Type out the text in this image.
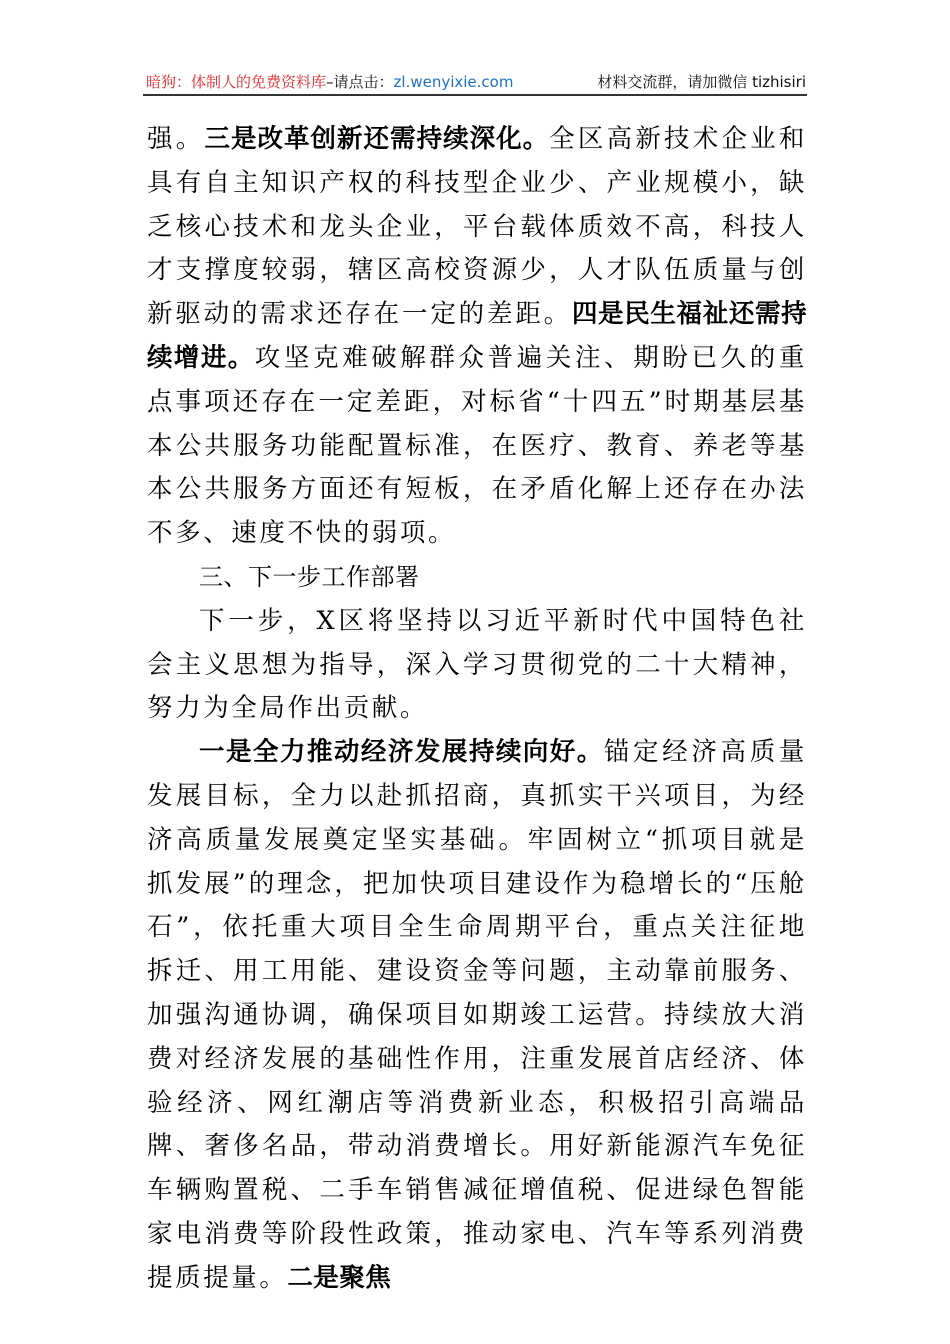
暗狗：体制人的免费资料库 –请点击： zl.wenyixie.com	材料交流群，请加微信 tizhisiri

强。三是改革创新还需持续深化。全区高新技术企业和具有自主知识产权的科技型企业少、产业规模小，缺乏核心技术和龙头企业，平台载体质效不高，科技人才支撑度较弱，辖区高校资源少，人才队伍质量与创新驱动的需求还存在一定的差距。四是民生福祉还需持续增进。攻坚克难破解群众普遍关注、期盼已久的重点事项还存在一定差距，对标省“十四五”时期基层基本公共服务功能配置标准，在医疗、教育、养老等基本公共服务方面还有短板，在矛盾化解上还存在办法不多、速度不快的弱项。

三、下一步工作部署

下一步，X区将坚持以习近平新时代中国特色社会主义思想为指导，深入学习贯彻党的二十大精神，努力为全局作出贡献。

一是全力推动经济发展持续向好。锚定经济高质量发展目标，全力以赴抓招商，真抓实干兴项目，为经济高质量发展奠定坚实基础。牢固树立“抓项目就是抓发展”的理念，把加快项目建设作为稳增长的“压舱石”，依托重大项目全生命周期平台，重点关注征地拆迁、用工用能、建设资金等问题，主动靠前服务、加强沟通协调，确保项目如期竣工运营。持续放大消费对经济发展的基础性作用，注重发展首店经济、体验经济、网红潮店等消费新业态，积极招引高端品牌、奢侈名品，带动消费增长。用好新能源汽车免征车辆购置税、二手车销售减征增值税、促进绿色智能家电消费等阶段性政策，推动家电、汽车等系列消费提质提量。二是聚焦
